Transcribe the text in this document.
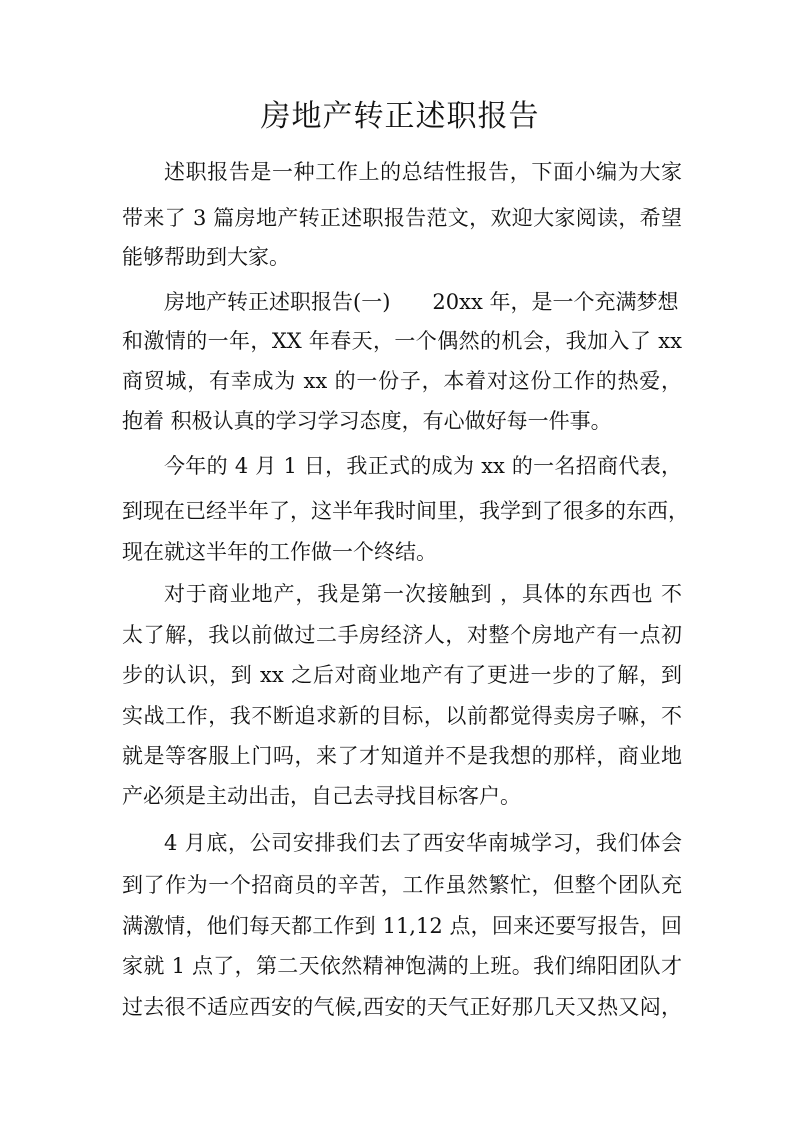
房地产转正述职报告

述职报告是一种工作上的总结性报告，下面小编为大家

带来了 3 篇房地产转正述职报告范文，欢迎大家阅读，希望

能够帮助到大家。

房地产转正述职报告(一)　　20xx 年，是一个充满梦想

和激情的一年，XX 年春天，一个偶然的机会，我加入了 xx

商贸城，有幸成为 xx 的一份子，本着对这份工作的热爱，

抱着 积极认真的学习学习态度，有心做好每一件事。

今年的 4 月 1 日，我正式的成为 xx 的一名招商代表，

到现在已经半年了，这半年我时间里，我学到了很多的东西，

现在就这半年的工作做一个终结。

对于商业地产，我是第一次接触到 ，具体的东西也 不

太了解，我以前做过二手房经济人，对整个房地产有一点初

步的认识，到 xx 之后对商业地产有了更进一步的了解，到

实战工作，我不断追求新的目标，以前都觉得卖房子嘛，不

就是等客服上门吗，来了才知道并不是我想的那样，商业地

产必须是主动出击，自己去寻找目标客户。

4 月底，公司安排我们去了西安华南城学习，我们体会

到了作为一个招商员的辛苦，工作虽然繁忙，但整个团队充

满激情，他们每天都工作到 11,12 点，回来还要写报告，回

家就 1 点了，第二天依然精神饱满的上班。我们绵阳团队才

过去很不适应西安的气候,西安的天气正好那几天又热又闷，
